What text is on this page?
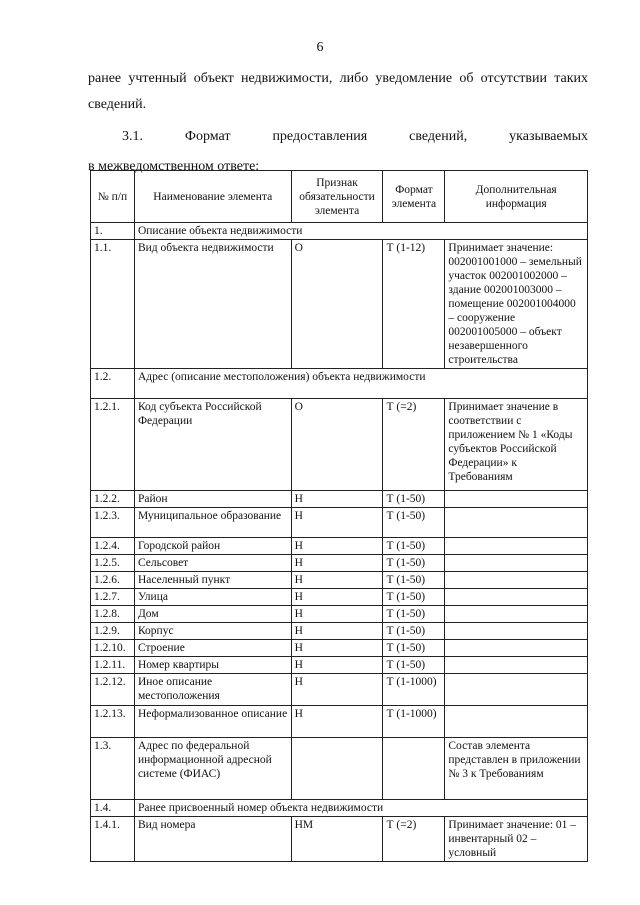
6

ранее учтенный объект недвижимости, либо уведомление об отсутствии таких сведений.

3.1.	Формат	предоставления	сведений,	указываемых
в межведомственном ответе:
№ п/п	Наименование элемента	Признак обязательности элемента	Формат элемента	Дополнительная информация
1.	Описание объекта недвижимости			
1.1.	Вид объекта недвижимости	О	Т (1-12)	Принимает значение: 002001001000 – земельный участок 002001002000 – здание 002001003000 – помещение 002001004000 – сооружение 002001005000 – объект незавершенного строительства
1.2.	Адрес (описание местоположения) объекта недвижимости			
1.2.1.	Код субъекта Российской Федерации	О	Т (=2)	Принимает значение в соответствии с приложением № 1 «Коды субъектов Российской Федерации» к Требованиям
1.2.2.	Район	Н	Т (1-50)	
1.2.3.	Муниципальное образование	Н	Т (1-50)	
1.2.4.	Городской район	Н	Т (1-50)	
1.2.5.	Сельсовет	Н	Т (1-50)	
1.2.6.	Населенный пункт	Н	Т (1-50)	
1.2.7.	Улица	Н	Т (1-50)	
1.2.8.	Дом	Н	Т (1-50)	
1.2.9.	Корпус	Н	Т (1-50)	
1.2.10.	Строение	Н	Т (1-50)	
1.2.11.	Номер квартиры	Н	Т (1-50)	
1.2.12.	Иное описание местоположения	Н	Т (1-1000)	
1.2.13.	Неформализованное описание	Н	Т (1-1000)	
1.3.	Адрес по федеральной информационной адресной системе (ФИАС)			Состав элемента представлен в приложении № 3 к Требованиям
1.4.	Ранее присвоенный номер объекта недвижимости			
1.4.1.	Вид номера	НМ	Т (=2)	Принимает значение: 01 – инвентарный 02 – условный
